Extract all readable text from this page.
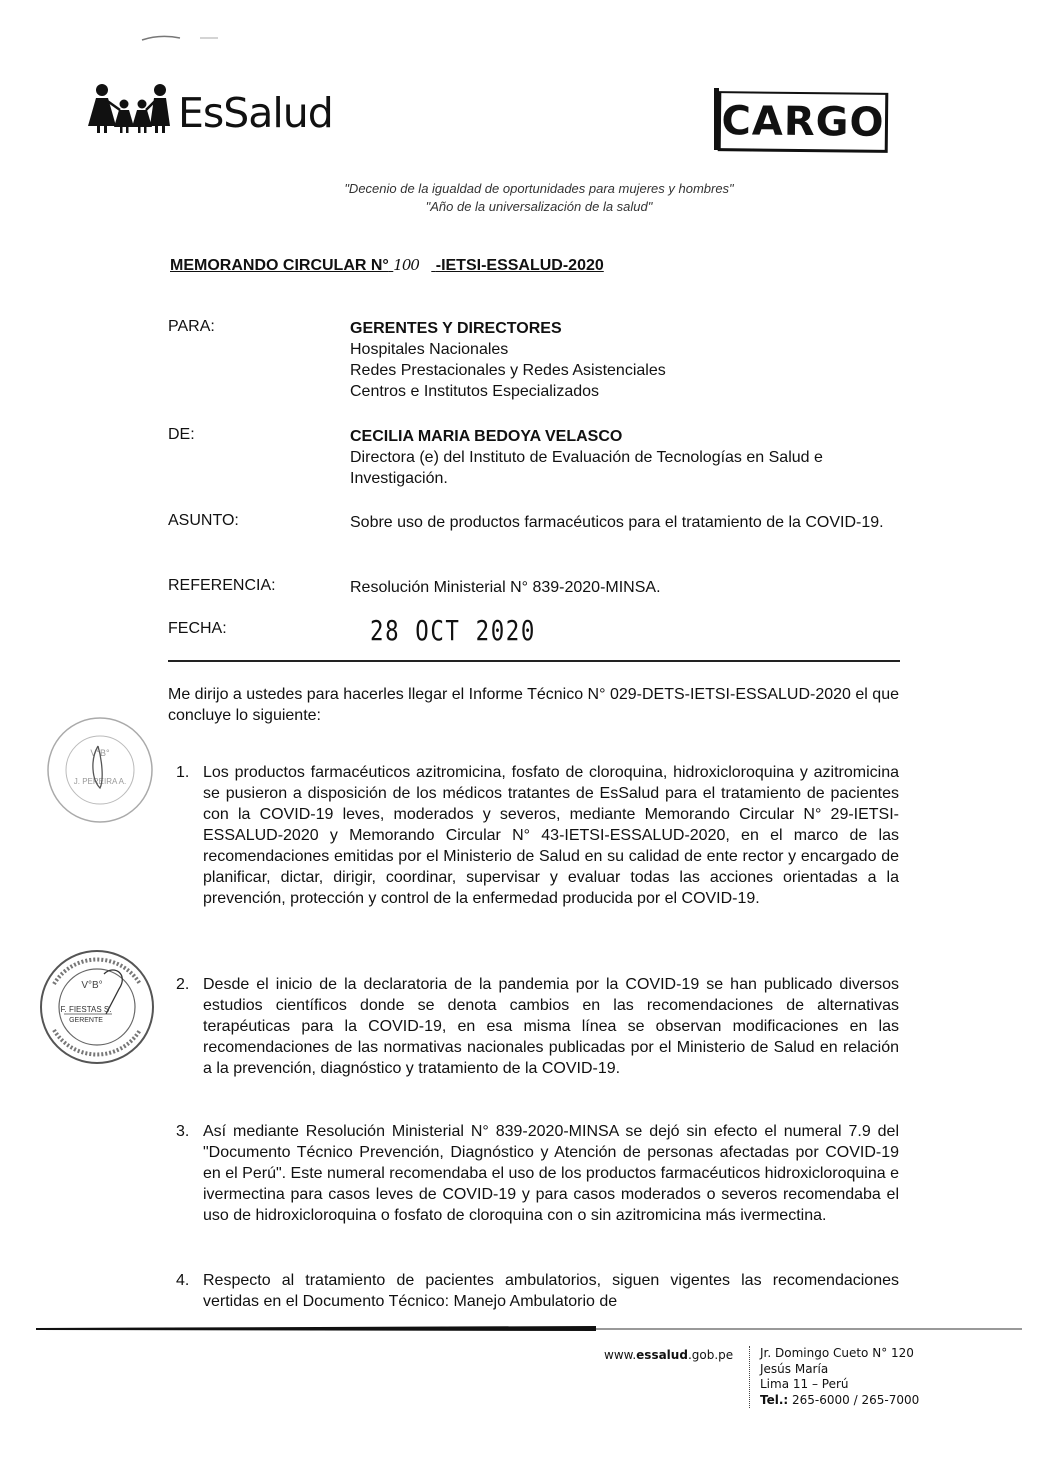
EsSalud	CARGO
"Decenio de la igualdad de oportunidades para mujeres y hombres"
"Año de la universalización de la salud"
MEMORANDO CIRCULAR N° 100 -IETSI-ESSALUD-2020
PARA:	GERENTES Y DIRECTORES
Hospitales Nacionales
Redes Prestacionales y Redes Asistenciales
Centros e Institutos Especializados
DE:	CECILIA MARIA BEDOYA VELASCO
Directora (e) del Instituto de Evaluación de Tecnologías en Salud e Investigación.
ASUNTO:	Sobre uso de productos farmacéuticos para el tratamiento de la COVID-19.
REFERENCIA:	Resolución Ministerial N° 839-2020-MINSA.
FECHA:	28 OCT 2020
Me dirijo a ustedes para hacerles llegar el Informe Técnico N° 029-DETS-IETSI-ESSALUD-2020 el que concluye lo siguiente:
1. Los productos farmacéuticos azitromicina, fosfato de cloroquina, hidroxicloroquina y azitromicina se pusieron a disposición de los médicos tratantes de EsSalud para el tratamiento de pacientes con la COVID-19 leves, moderados y severos, mediante Memorando Circular N° 29-IETSI-ESSALUD-2020 y Memorando Circular N° 43-IETSI-ESSALUD-2020, en el marco de las recomendaciones emitidas por el Ministerio de Salud en su calidad de ente rector y encargado de planificar, dictar, dirigir, coordinar, supervisar y evaluar todas las acciones orientadas a la prevención, protección y control de la enfermedad producida por el COVID-19.
2. Desde el inicio de la declaratoria de la pandemia por la COVID-19 se han publicado diversos estudios científicos donde se denota cambios en las recomendaciones de alternativas terapéuticas para la COVID-19, en esa misma línea se observan modificaciones en las recomendaciones de las normativas nacionales publicadas por el Ministerio de Salud en relación a la prevención, diagnóstico y tratamiento de la COVID-19.
3. Así mediante Resolución Ministerial N° 839-2020-MINSA se dejó sin efecto el numeral 7.9 del "Documento Técnico Prevención, Diagnóstico y Atención de personas afectadas por COVID-19 en el Perú". Este numeral recomendaba el uso de los productos farmacéuticos hidroxicloroquina e ivermectina para casos leves de COVID-19 y para casos moderados o severos recomendaba el uso de hidroxicloroquina o fosfato de cloroquina con o sin azitromicina más ivermectina.
4. Respecto al tratamiento de pacientes ambulatorios, siguen vigentes las recomendaciones vertidas en el Documento Técnico: Manejo Ambulatorio de
V°B°
J. PEREIRA A.
V°B°
F. FIESTAS S.
GERENTE
www.essalud.gob.pe Jr. Domingo Cueto N° 120
Jesús María
Lima 11 – Perú
Tel.: 265-6000 / 265-7000
